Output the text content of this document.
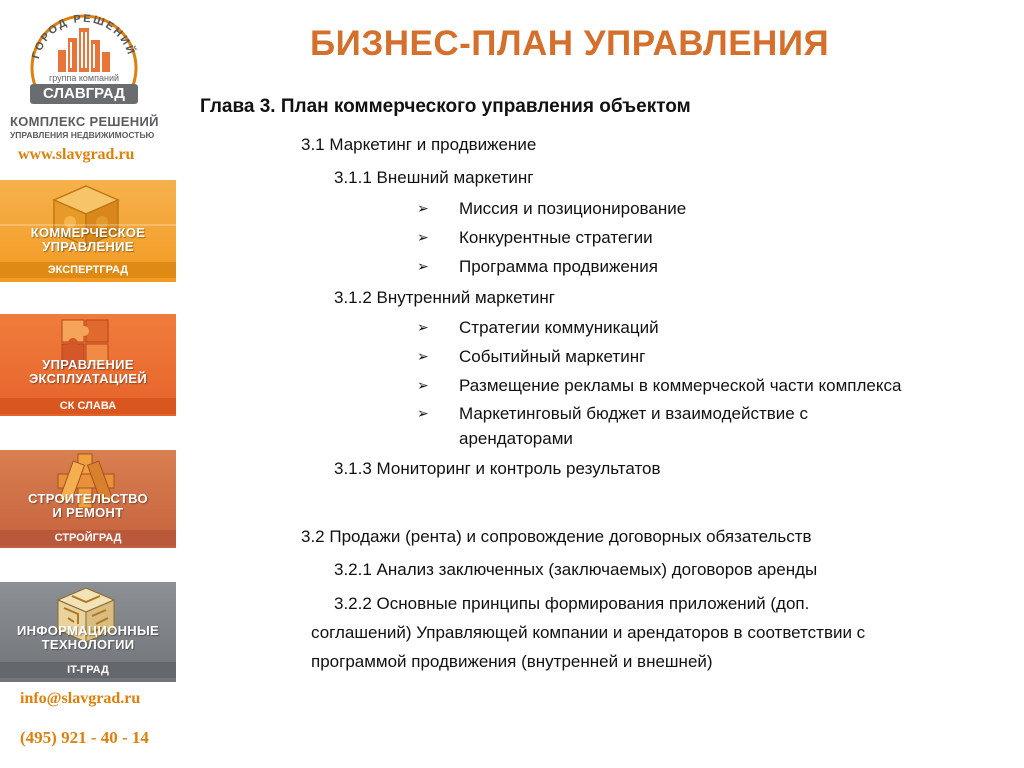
ГОРОД РЕШЕНИЙ
группа компаний
СЛАВГРАД
КОМПЛЕКС РЕШЕНИЙ
УПРАВЛЕНИЯ НЕДВИЖИМОСТЬЮ
www.slavgrad.ru
КОММЕРЧЕСКОЕ
УПРАВЛЕНИЕ
ЭКСПЕРТГРАД
УПРАВЛЕНИЕ
ЭКСПЛУАТАЦИЕЙ
СК СЛАВА
СТРОИТЕЛЬСТВО
И РЕМОНТ
СТРОЙГРАД
ИНФОРМАЦИОННЫЕ
ТЕХНОЛОГИИ
IT-ГРАД
info@slavgrad.ru
(495) 921 - 40 - 14
БИЗНЕС-ПЛАН УПРАВЛЕНИЯ
Глава 3. План коммерческого управления объектом
3.1 Маркетинг и продвижение
3.1.1 Внешний маркетинг
➢ Миссия и позиционирование
➢ Конкурентные стратегии
➢ Программа продвижения
3.1.2 Внутренний маркетинг
➢ Стратегии коммуникаций
➢ Событийный маркетинг
➢ Размещение рекламы в коммерческой части комплекса
➢ Маркетинговый бюджет и взаимодействие с
арендаторами
3.1.3 Мониторинг и контроль результатов
3.2 Продажи (рента) и сопровождение договорных обязательств
3.2.1 Анализ заключенных (заключаемых) договоров аренды
3.2.2 Основные принципы формирования приложений (доп.
соглашений) Управляющей компании и арендаторов в соответствии с
программой продвижения (внутренней и внешней)
